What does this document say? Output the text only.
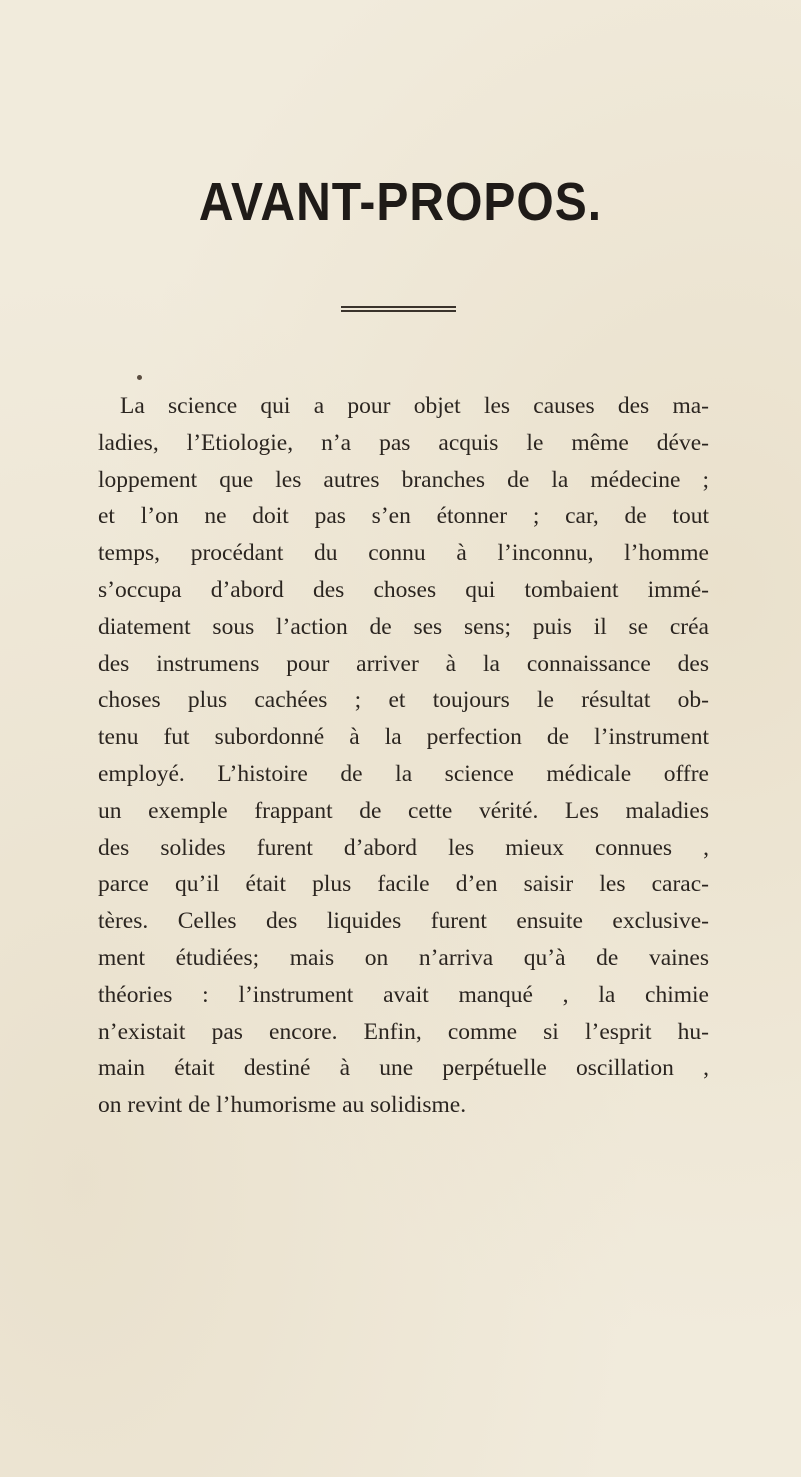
AVANT-PROPOS.

La science qui a pour objet les causes des ma-
ladies, l’Etiologie, n’a pas acquis le même déve-
loppement que les autres branches de la médecine ;
et l’on ne doit pas s’en étonner ; car, de tout
temps, procédant du connu à l’inconnu, l’homme
s’occupa d’abord des choses qui tombaient immé-
diatement sous l’action de ses sens; puis il se créa
des instrumens pour arriver à la connaissance des
choses plus cachées ; et toujours le résultat ob-
tenu fut subordonné à la perfection de l’instrument
employé. L’histoire de la science médicale offre
un exemple frappant de cette vérité. Les maladies
des solides furent d’abord les mieux connues ,
parce qu’il était plus facile d’en saisir les carac-
tères. Celles des liquides furent ensuite exclusive-
ment étudiées; mais on n’arriva qu’à de vaines
théories : l’instrument avait manqué , la chimie
n’existait pas encore. Enfin, comme si l’esprit hu-
main était destiné à une perpétuelle oscillation ,
on revint de l’humorisme au solidisme.
